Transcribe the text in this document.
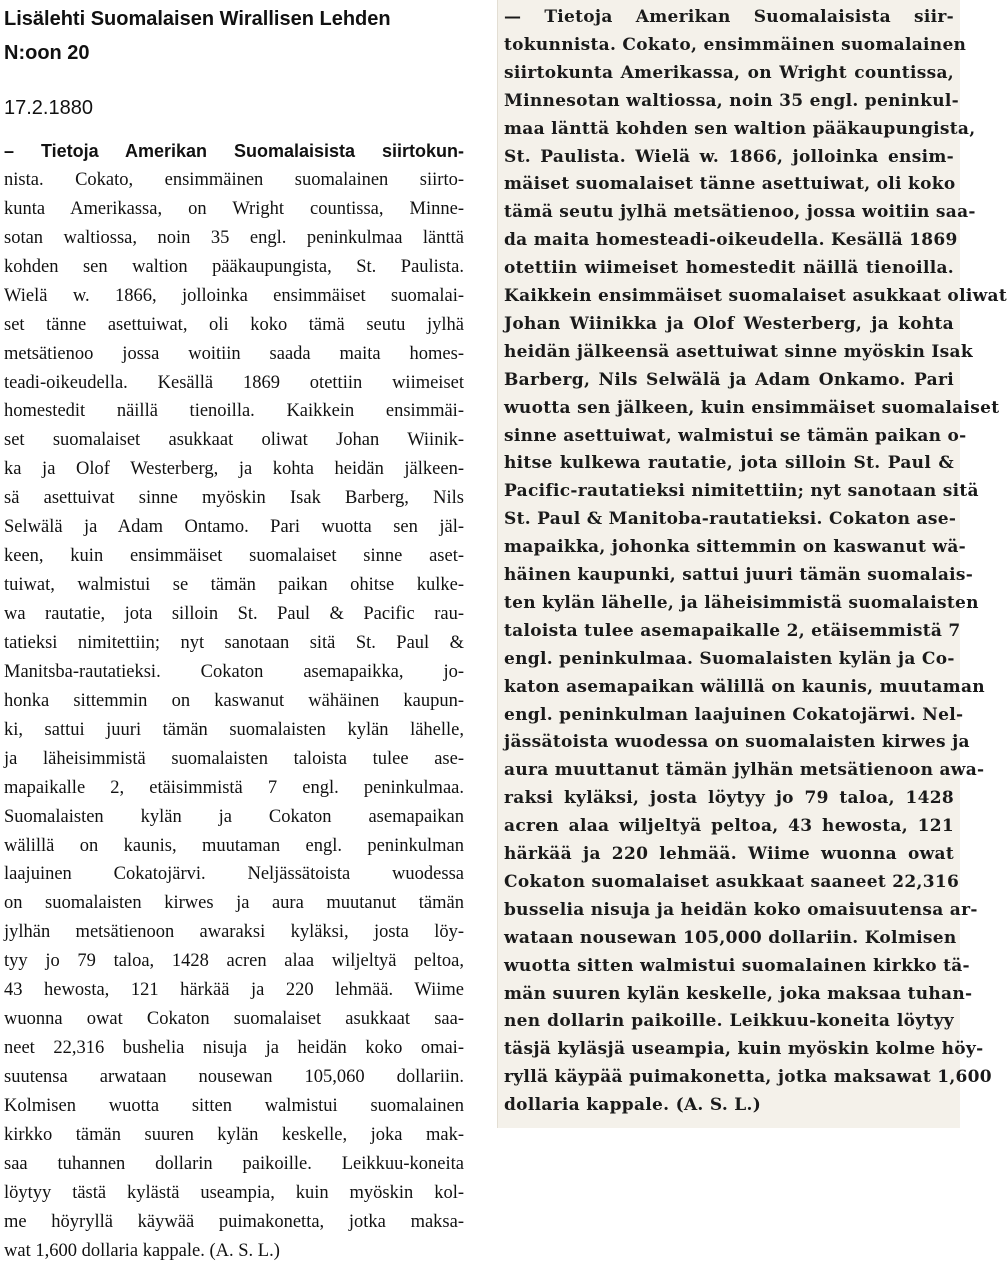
Lisälehti Suomalaisen Wirallisen Lehden
N:oon 20
17.2.1880
– Tietoja Amerikan Suomalaisista siirtokun-
nista. Cokato, ensimmäinen suomalainen siirto-
kunta Amerikassa, on Wright countissa, Minne-
sotan waltiossa, noin 35 engl. peninkulmaa länttä
kohden sen waltion pääkaupungista, St. Paulista.
Wielä w. 1866, jolloinka ensimmäiset suomalai-
set tänne asettuiwat, oli koko tämä seutu jylhä
metsätienoo jossa woitiin saada maita homes-
teadi-oikeudella. Kesällä 1869 otettiin wiimeiset
homestedit näillä tienoilla. Kaikkein ensimmäi-
set suomalaiset asukkaat oliwat Johan Wiinik-
ka ja Olof Westerberg, ja kohta heidän jälkeen-
sä asettuivat sinne myöskin Isak Barberg, Nils
Selwälä ja Adam Ontamo. Pari wuotta sen jäl-
keen, kuin ensimmäiset suomalaiset sinne aset-
tuiwat, walmistui se tämän paikan ohitse kulke-
wa rautatie, jota silloin St. Paul & Pacific rau-
tatieksi nimitettiin; nyt sanotaan sitä St. Paul &
Manitsba-rautatieksi. Cokaton asemapaikka, jo-
honka sittemmin on kaswanut wähäinen kaupun-
ki, sattui juuri tämän suomalaisten kylän lähelle,
ja läheisimmistä suomalaisten taloista tulee ase-
mapaikalle 2, etäisimmistä 7 engl. peninkulmaa.
Suomalaisten kylän ja Cokaton asemapaikan
wälillä on kaunis, muutaman engl. peninkulman
laajuinen Cokatojärvi. Neljässätoista wuodessa
on suomalaisten kirwes ja aura muutanut tämän
jylhän metsätienoon awaraksi kyläksi, josta löy-
tyy jo 79 taloa, 1428 acren alaa wiljeltyä peltoa,
43 hewosta, 121 härkää ja 220 lehmää. Wiime
wuonna owat Cokaton suomalaiset asukkaat saa-
neet 22,316 bushelia nisuja ja heidän koko omai-
suutensa arwataan nousewan 105,060 dollariin.
Kolmisen wuotta sitten walmistui suomalainen
kirkko tämän suuren kylän keskelle, joka mak-
saa tuhannen dollarin paikoille. Leikkuu-koneita
löytyy tästä kylästä useampia, kuin myöskin kol-
me höyryllä käywää puimakonetta, jotka maksa-
wat 1,600 dollaria kappale. (A. S. L.)
— Tietoja Amerikan Suomalaisista siir-
tokunnista. Cokato, ensimmäinen suomalainen
siirtokunta Amerikassa, on Wright countissa,
Minnesotan waltiossa, noin 35 engl. peninkul-
maa länttä kohden sen waltion pääkaupungista,
St. Paulista. Wielä w. 1866, jolloinka ensim-
mäiset suomalaiset tänne asettuiwat, oli koko
tämä seutu jylhä metsätienoo, jossa woitiin saa-
da maita homesteadi-oikeudella. Kesällä 1869
otettiin wiimeiset homestedit näillä tienoilla.
Kaikkein ensimmäiset suomalaiset asukkaat oliwat
Johan Wiinikka ja Olof Westerberg, ja kohta
heidän jälkeensä asettuiwat sinne myöskin Isak
Barberg, Nils Selwälä ja Adam Onkamo. Pari
wuotta sen jälkeen, kuin ensimmäiset suomalaiset
sinne asettuiwat, walmistui se tämän paikan o-
hitse kulkewa rautatie, jota silloin St. Paul &
Pacific-rautatieksi nimitettiin; nyt sanotaan sitä
St. Paul & Manitoba-rautatieksi. Cokaton ase-
mapaikka, johonka sittemmin on kaswanut wä-
häinen kaupunki, sattui juuri tämän suomalais-
ten kylän lähelle, ja läheisimmistä suomalaisten
taloista tulee asemapaikalle 2, etäisemmistä 7
engl. peninkulmaa. Suomalaisten kylän ja Co-
katon asemapaikan wälillä on kaunis, muutaman
engl. peninkulman laajuinen Cokatojärwi. Nel-
jässätoista wuodessa on suomalaisten kirwes ja
aura muuttanut tämän jylhän metsätienoon awa-
raksi kyläksi, josta löytyy jo 79 taloa, 1428
acren alaa wiljeltyä peltoa, 43 hewosta, 121
härkää ja 220 lehmää. Wiime wuonna owat
Cokaton suomalaiset asukkaat saaneet 22,316
busselia nisuja ja heidän koko omaisuutensa ar-
wataan nousewan 105,000 dollariin. Kolmisen
wuotta sitten walmistui suomalainen kirkko tä-
män suuren kylän keskelle, joka maksaa tuhan-
nen dollarin paikoille. Leikkuu-koneita löytyy
täsjä kyläsjä useampia, kuin myöskin kolme höy-
ryllä käypää puimakonetta, jotka maksawat 1,600
dollaria kappale. (A. S. L.)
